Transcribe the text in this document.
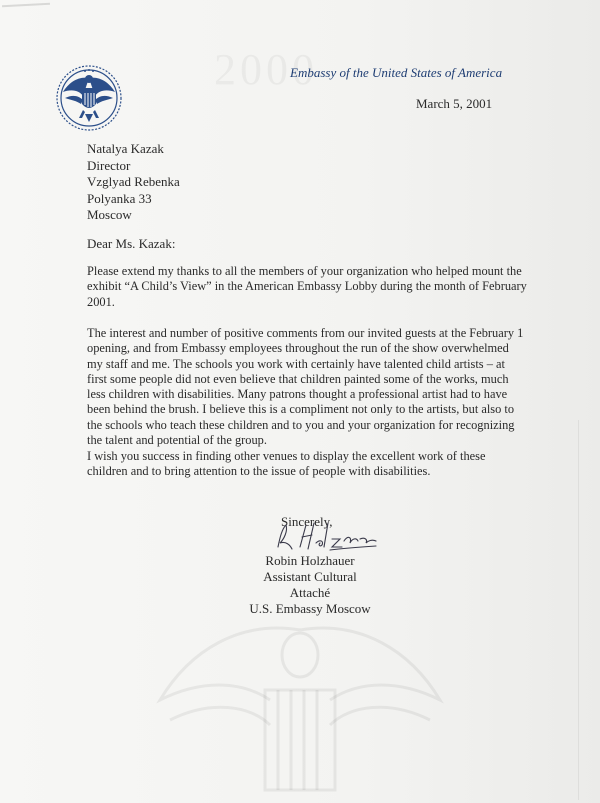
Embassy of the United States of America
March 5, 2001
Natalya Kazak
Director
Vzglyad Rebenka
Polyanka 33
Moscow
Dear Ms. Kazak:
Please extend my thanks to all the members of your organization who helped mount the exhibit “A Child’s View” in the American Embassy Lobby during the month of February 2001.
The interest and number of positive comments from our invited guests at the February 1 opening, and from Embassy employees throughout the run of the show overwhelmed my staff and me. The schools you work with certainly have talented child artists – at first some people did not even believe that children painted some of the works, much less children with disabilities. Many patrons thought a professional artist had to have been behind the brush. I believe this is a compliment not only to the artists, but also to the schools who teach these children and to you and your organization for recognizing the talent and potential of the group.
I wish you success in finding other venues to display the excellent work of these children and to bring attention to the issue of people with disabilities.
Sincerely,
Robin Holzhauer
Assistant Cultural Attaché
U.S. Embassy Moscow
